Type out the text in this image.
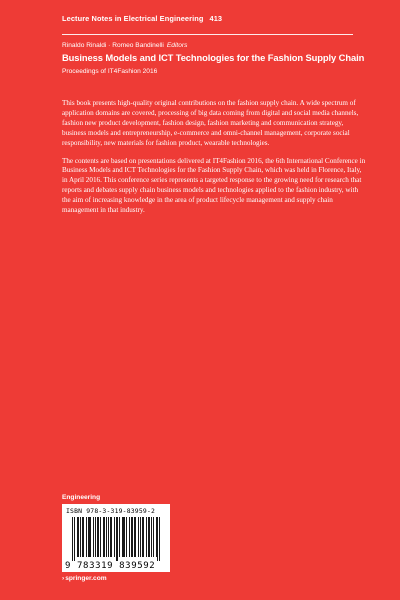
Lecture Notes in Electrical Engineering 413
Rinaldo Rinaldi · Romeo Bandinelli Editors
Business Models and ICT Technologies for the Fashion Supply Chain
Proceedings of IT4Fashion 2016

This book presents high-quality original contributions on the fashion supply chain. A wide spectrum of application domains are covered, processing of big data coming from digital and social media channels, fashion new product development, fashion design, fashion marketing and communication strategy, business models and entrepreneurship, e-commerce and omni-channel management, corporate social responsibility, new materials for fashion product, wearable technologies.

The contents are based on presentations delivered at IT4Fashion 2016, the 6th International Conference in Business Models and ICT Technologies for the Fashion Supply Chain, which was held in Florence, Italy, in April 2016. This conference series represents a targeted response to the growing need for research that reports and debates supply chain business models and technologies applied to the fashion industry, with the aim of increasing knowledge in the area of product lifecycle management and supply chain management in that industry.

Engineering
ISBN 978-3-319-83959-2
9 783319 839592
›springer.com
